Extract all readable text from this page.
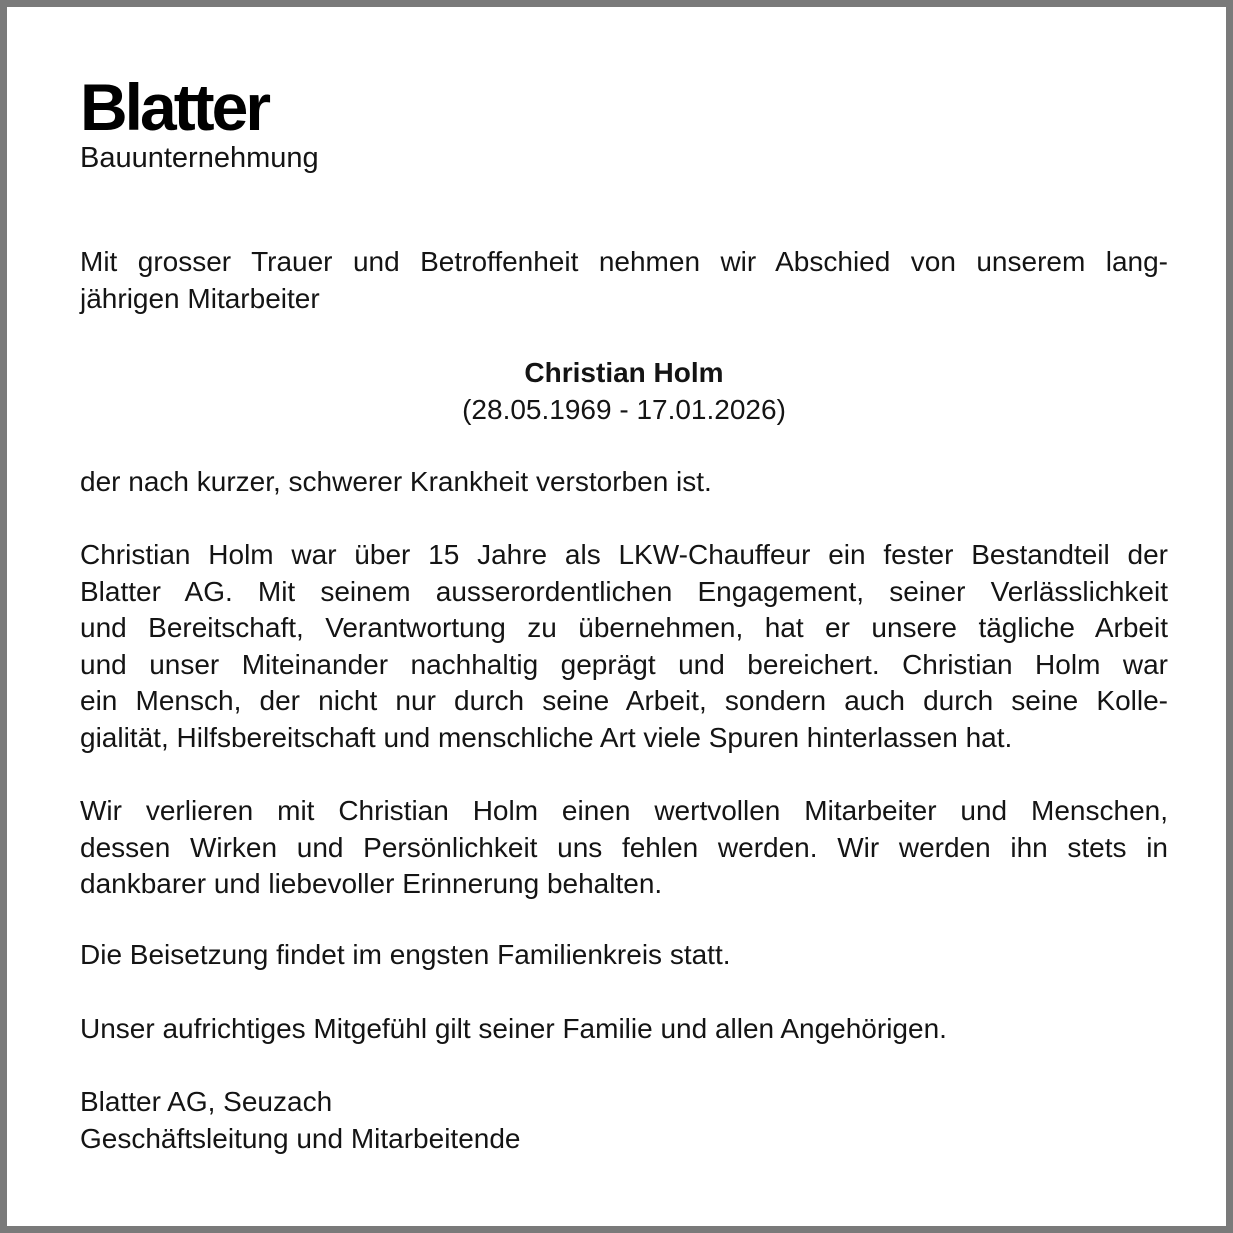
Blatter
Bauunternehmung
Mit grosser Trauer und Betroffenheit nehmen wir Abschied von unserem lang-
jährigen Mitarbeiter
Christian Holm
(28.05.1969 - 17.01.2026)
der nach kurzer, schwerer Krankheit verstorben ist.
Christian Holm war über 15 Jahre als LKW-Chauffeur ein fester Bestandteil der
Blatter AG. Mit seinem ausserordentlichen Engagement, seiner Verlässlichkeit
und Bereitschaft, Verantwortung zu übernehmen, hat er unsere tägliche Arbeit
und unser Miteinander nachhaltig geprägt und bereichert. Christian Holm war
ein Mensch, der nicht nur durch seine Arbeit, sondern auch durch seine Kolle-
gialität, Hilfsbereitschaft und menschliche Art viele Spuren hinterlassen hat.
Wir verlieren mit Christian Holm einen wertvollen Mitarbeiter und Menschen,
dessen Wirken und Persönlichkeit uns fehlen werden. Wir werden ihn stets in
dankbarer und liebevoller Erinnerung behalten.
Die Beisetzung findet im engsten Familienkreis statt.
Unser aufrichtiges Mitgefühl gilt seiner Familie und allen Angehörigen.
Blatter AG, Seuzach
Geschäftsleitung und Mitarbeitende
